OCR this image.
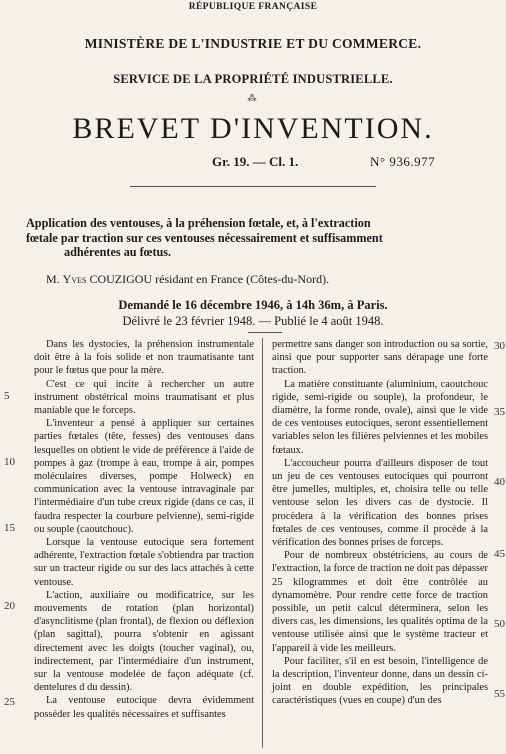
RÉPUBLIQUE FRANÇAISE
MINISTÈRE DE L'INDUSTRIE ET DU COMMERCE.
SERVICE DE LA PROPRIÉTÉ INDUSTRIELLE.
⁂
BREVET D'INVENTION.
Gr. 19. — Cl. 1.	N° 936.977
Application des ventouses, à la préhension fœtale, et, à l'extraction
fœtale par traction sur ces ventouses nécessairement et suffisamment
adhérentes au fœtus.
M. Yves COUZIGOU résidant en France (Côtes-du-Nord).
Demandé le 16 décembre 1946, à 14h 36m, à Paris.
Délivré le 23 février 1948. — Publié le 4 août 1948.

Dans les dystocies, la préhension instrumentale doit être à la fois solide et non traumatisante tant pour le fœtus que pour la mère.

C'est ce qui incite à rechercher un autre instrument obstétrical moins traumatisant et plus maniable que le forceps.

L'inventeur a pensé à appliquer sur certaines parties fœtales (tête, fesses) des ventouses dans lesquelles on obtient le vide de préférence à l'aide de pompes à gaz (trompe à eau, trompe à air, pompes moléculaires diverses, pompe Holweck) en communication avec la ventouse intravaginale par l'intermédiaire d'un tube creux rigide (dans ce cas, il faudra respecter la courbure pelvienne), semi-rigide ou souple (caoutchouc).

Lorsque la ventouse eutocique sera fortement adhérente, l'extraction fœtale s'obtiendra par traction sur un tracteur rigide ou sur des lacs attachés à cette ventouse.

L'action, auxiliaire ou modificatrice, sur les mouvements de rotation (plan horizontal) d'asynclitisme (plan frontal), de flexion ou déflexion (plan sagittal), pourra s'obtenir en agissant directement avec les doigts (toucher vaginal), ou, indirectement, par l'intermédiaire d'un instrument, sur la ventouse modelée de façon adéquate (cf. dentelures d du dessin).

La ventouse eutocique devra évidemment posséder les qualités nécessaires et suffisantes

permettre sans danger son introduction ou sa sortie, ainsi que pour supporter sans dérapage une forte traction.

La matière constituante (aluminium, caoutchouc rigide, semi-rigide ou souple), la profondeur, le diamètre, la forme ronde, ovale), ainsi que le vide de ces ventouses eutociques, seront essentiellement variables selon les filières pelviennes et les mobiles fœtaux.

L'accoucheur pourra d'ailleurs disposer de tout un jeu de ces ventouses eutociques qui pourront être jumelles, multiples, et, choisira telle ou telle ventouse selon les divers cas de dystocie. Il procèdera à la vérification des bonnes prises fœtales de ces ventouses, comme il procède à la vérification des bonnes prises de forceps.

Pour de nombreux obstétriciens, au cours de l'extraction, la force de traction ne doit pas dépasser 25 kilogrammes et doit être contrôlée au dynamomètre. Pour rendre cette force de traction possible, un petit calcul déterminera, selon les divers cas, les dimensions, les qualités optima de la ventouse utilisée ainsi que le système tracteur et l'appareil à vide les meilleurs.

Pour faciliter, s'il en est besoin, l'intelligence de la description, l'inventeur donne, dans un dessin ci-joint en double expédition, les principales caractéristiques (vues en coupe) d'un des

5
10
15
20
25
30
35
40
45
50
55
